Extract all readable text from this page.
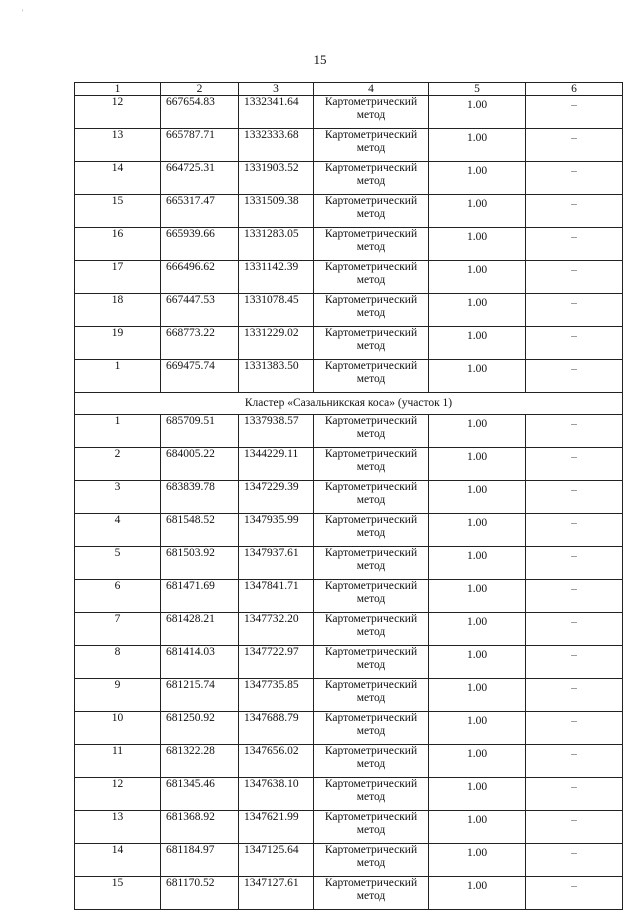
'
15
1	2	3	4	5	6
12	667654.83	1332341.64	Картометрический метод	1.00	–
13	665787.71	1332333.68	Картометрический метод	1.00	–
14	664725.31	1331903.52	Картометрический метод	1.00	–
15	665317.47	1331509.38	Картометрический метод	1.00	–
16	665939.66	1331283.05	Картометрический метод	1.00	–
17	666496.62	1331142.39	Картометрический метод	1.00	–
18	667447.53	1331078.45	Картометрический метод	1.00	–
19	668773.22	1331229.02	Картометрический метод	1.00	–
1	669475.74	1331383.50	Картометрический метод	1.00	–
Кластер «Сазальникская коса» (участок 1)					
1	685709.51	1337938.57	Картометрический метод	1.00	–
2	684005.22	1344229.11	Картометрический метод	1.00	–
3	683839.78	1347229.39	Картометрический метод	1.00	–
4	681548.52	1347935.99	Картометрический метод	1.00	–
5	681503.92	1347937.61	Картометрический метод	1.00	–
6	681471.69	1347841.71	Картометрический метод	1.00	–
7	681428.21	1347732.20	Картометрический метод	1.00	–
8	681414.03	1347722.97	Картометрический метод	1.00	–
9	681215.74	1347735.85	Картометрический метод	1.00	–
10	681250.92	1347688.79	Картометрический метод	1.00	–
11	681322.28	1347656.02	Картометрический метод	1.00	–
12	681345.46	1347638.10	Картометрический метод	1.00	–
13	681368.92	1347621.99	Картометрический метод	1.00	–
14	681184.97	1347125.64	Картометрический метод	1.00	–
15	681170.52	1347127.61	Картометрический метод	1.00	–
